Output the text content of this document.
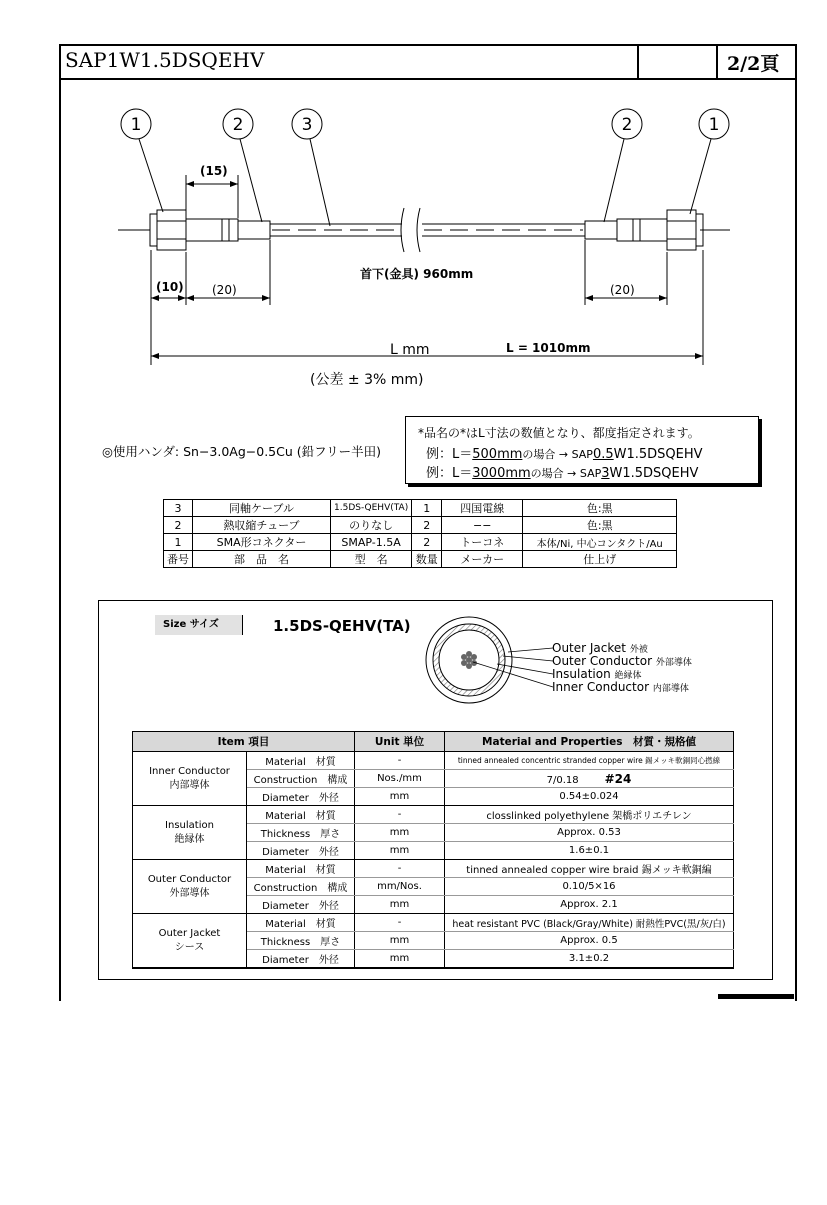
SAP1W1.5DSQEHV	2/2頁
1	2	3	2	1
(15)
(10) (20)	(20)
首下(金具) 960mm
L mm	L = 1010mm
(公差 ± 3% mm)
◎使用ハンダ: Sn−3.0Ag−0.5Cu (鉛フリー半田)
*品名の*はL寸法の数値となり、都度指定されます。
例：L＝500mmの場合 → SAP0.5W1.5DSQEHV
例：L＝3000mmの場合 → SAP3W1.5DSQEHV
3	同軸ケーブル	1.5DS-QEHV(TA)	1	四国電線	色:黒
2	熱収縮チューブ	のりなし	2	−−	色:黒
1	SMA形コネクター	SMAP-1.5A	2	トーコネ	本体/Ni, 中心コンタクト/Au
番号	部　品　名	型　名	数量	メーカー	仕上げ
Size サイズ	1.5DS-QEHV(TA)
Outer Jacket 外被
Outer Conductor 外部導体
Insulation 絶縁体
Inner Conductor 内部導体
Item 項目		Unit 単位	Material and Properties　材質・規格値
Inner Conductor
内部導体	Material　材質	-	tinned annealed concentric stranded copper wire 錫メッキ軟銅同心撚線
	Construction　構成	Nos./mm	7/0.18 #24
	Diameter　外径	mm	0.54±0.024
Insulation
絶縁体	Material　材質	-	closslinked polyethylene 架橋ポリエチレン
	Thickness　厚さ	mm	Approx. 0.53
	Diameter　外径	mm	1.6±0.1
Outer Conductor
外部導体	Material　材質	-	tinned annealed copper wire braid 錫メッキ軟銅編
	Construction　構成	mm/Nos.	0.10/5×16
	Diameter　外径	mm	Approx. 2.1
Outer Jacket
シース	Material　材質	-	heat resistant PVC (Black/Gray/White) 耐熱性PVC(黒/灰/白)
	Thickness　厚さ	mm	Approx. 0.5
	Diameter　外径	mm	3.1±0.2
